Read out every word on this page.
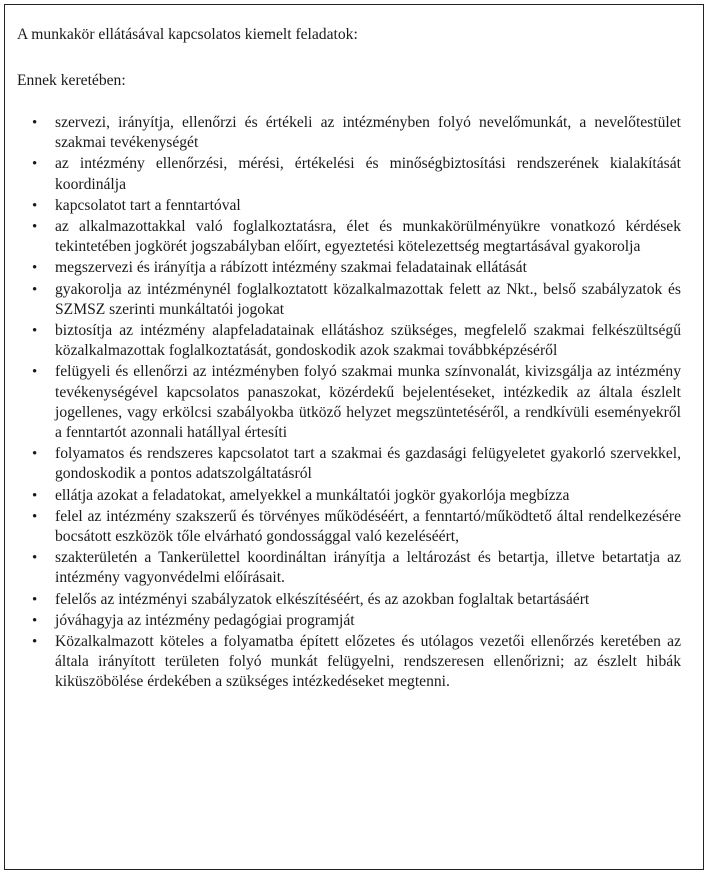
A munkakör ellátásával kapcsolatos kiemelt feladatok:
Ennek keretében:
• szervezi, irányítja, ellenőrzi és értékeli az intézményben folyó nevelőmunkát, a nevelőtestület szakmai tevékenységét
• az intézmény ellenőrzési, mérési, értékelési és minőségbiztosítási rendszerének kialakítását koordinálja
• kapcsolatot tart a fenntartóval
• az alkalmazottakkal való foglalkoztatásra, élet és munkakörülményükre vonatkozó kérdések tekintetében jogkörét jogszabályban előírt, egyeztetési kötelezettség megtartásával gyakorolja
• megszervezi és irányítja a rábízott intézmény szakmai feladatainak ellátását
• gyakorolja az intézménynél foglalkoztatott közalkalmazottak felett az Nkt., belső szabályzatok és SZMSZ szerinti munkáltatói jogokat
• biztosítja az intézmény alapfeladatainak ellátáshoz szükséges, megfelelő szakmai felkészültségű közalkalmazottak foglalkoztatását, gondoskodik azok szakmai továbbképzéséről
• felügyeli és ellenőrzi az intézményben folyó szakmai munka színvonalát, kivizsgálja az intézmény tevékenységével kapcsolatos panaszokat, közérdekű bejelentéseket, intézkedik az általa észlelt jogellenes, vagy erkölcsi szabályokba ütköző helyzet megszüntetéséről, a rendkívüli eseményekről a fenntartót azonnali hatállyal értesíti
• folyamatos és rendszeres kapcsolatot tart a szakmai és gazdasági felügyeletet gyakorló szervekkel, gondoskodik a pontos adatszolgáltatásról
• ellátja azokat a feladatokat, amelyekkel a munkáltatói jogkör gyakorlója megbízza
• felel az intézmény szakszerű és törvényes működéséért, a fenntartó/működtető által rendelkezésére bocsátott eszközök tőle elvárható gondossággal való kezeléséért,
• szakterületén a Tankerülettel koordináltan irányítja a leltározást és betartja, illetve betartatja az intézmény vagyonvédelmi előírásait.
• felelős az intézményi szabályzatok elkészítéséért, és az azokban foglaltak betartásáért
• jóváhagyja az intézmény pedagógiai programját
• Közalkalmazott köteles a folyamatba épített előzetes és utólagos vezetői ellenőrzés keretében az általa irányított területen folyó munkát felügyelni, rendszeresen ellenőrizni; az észlelt hibák kiküszöbölése érdekében a szükséges intézkedéseket megtenni.
